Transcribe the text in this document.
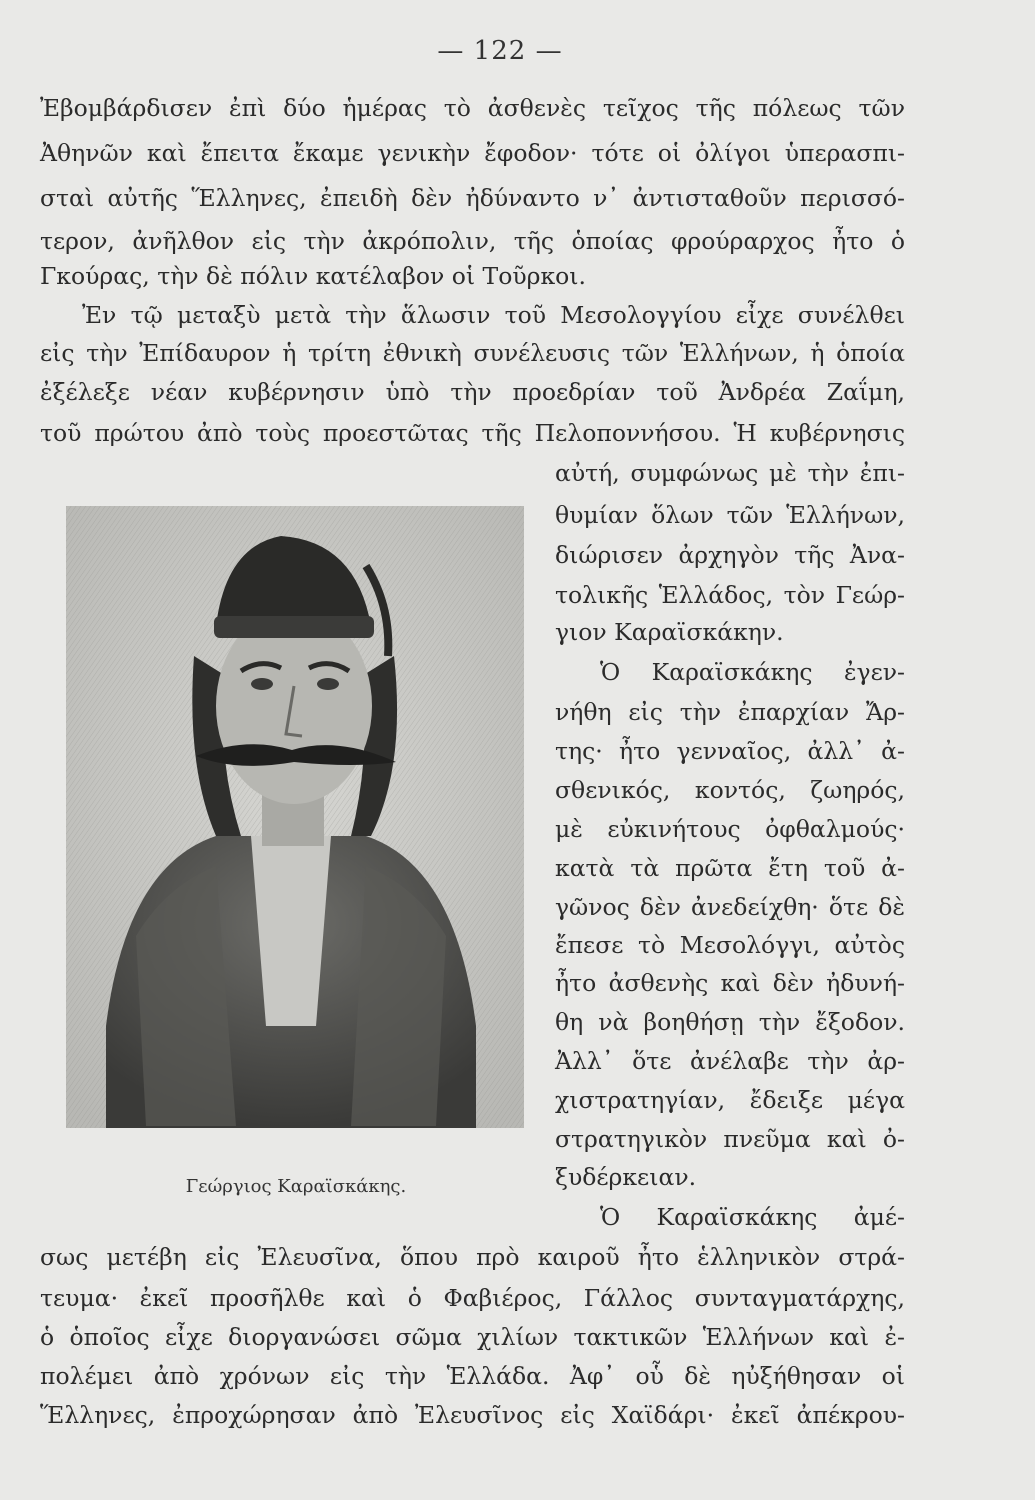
— 122 —
Ἐβομβάρδισεν ἐπὶ δύο ἡμέρας τὸ ἀσθενὲς τεῖχος τῆς πόλεως τῶν
Ἀθηνῶν καὶ ἔπειτα ἔκαμε γενικὴν ἔφοδον· τότε οἱ ὀλίγοι ὑπερασπι-
σταὶ αὐτῆς Ἕλληνες, ἐπειδὴ δὲν ἠδύναντο ν᾽ ἀντισταθοῦν περισσό-
τερον, ἀνῆλθον εἰς τὴν ἀκρόπολιν, τῆς ὁποίας φρούραρχος ἦτο ὁ
Γκούρας, τὴν δὲ πόλιν κατέλαβον οἱ Τοῦρκοι.
Ἐν τῷ μεταξὺ μετὰ τὴν ἅλωσιν τοῦ Μεσολογγίου εἶχε συνέλθει
εἰς τὴν Ἐπίδαυρον ἡ τρίτη ἐθνικὴ συνέλευσις τῶν Ἑλλήνων, ἡ ὁποία
ἐξέλεξε νέαν κυβέρνησιν ὑπὸ τὴν προεδρίαν τοῦ Ἀνδρέα Ζαΐμη,
τοῦ πρώτου ἀπὸ τοὺς προεστῶτας τῆς Πελοποννήσου. Ἡ κυβέρνησις
αὐτή, συμφώνως μὲ τὴν ἐπι-
θυμίαν ὅλων τῶν Ἑλλήνων,
διώρισεν ἀρχηγὸν τῆς Ἀνα-
τολικῆς Ἑλλάδος, τὸν Γεώρ-
γιον Καραϊσκάκην.
Ὁ Καραϊσκάκης ἐγεν-
νήθη εἰς τὴν ἐπαρχίαν Ἄρ-
της· ἦτο γενναῖος, ἀλλ᾽ ἀ-
σθενικός, κοντός, ζωηρός,
μὲ εὐκινήτους ὀφθαλμούς·
κατὰ τὰ πρῶτα ἔτη τοῦ ἀ-
γῶνος δὲν ἀνεδείχθη· ὅτε δὲ
ἔπεσε τὸ Μεσολόγγι, αὐτὸς
ἦτο ἀσθενὴς καὶ δὲν ἠδυνή-
θη νὰ βοηθήσῃ τὴν ἔξοδον.
Ἀλλ᾽ ὅτε ἀνέλαβε τὴν ἀρ-
χιστρατηγίαν, ἔδειξε μέγα
στρατηγικὸν πνεῦμα καὶ ὀ-
ξυδέρκειαν.
Ὁ Καραϊσκάκης ἀμέ-
σως μετέβη εἰς Ἐλευσῖνα, ὅπου πρὸ καιροῦ ἦτο ἑλληνικὸν στρά-
τευμα· ἐκεῖ προσῆλθε καὶ ὁ Φαβιέρος, Γάλλος συνταγματάρχης,
ὁ ὁποῖος εἶχε διοργανώσει σῶμα χιλίων τακτικῶν Ἑλλήνων καὶ ἐ-
πολέμει ἀπὸ χρόνων εἰς τὴν Ἑλλάδα. Ἀφ᾽ οὗ δὲ ηὐξήθησαν οἱ
Ἕλληνες, ἐπροχώρησαν ἀπὸ Ἐλευσῖνος εἰς Χαϊδάρι· ἐκεῖ ἀπέκρου-
Γεώργιος Καραϊσκάκης.
